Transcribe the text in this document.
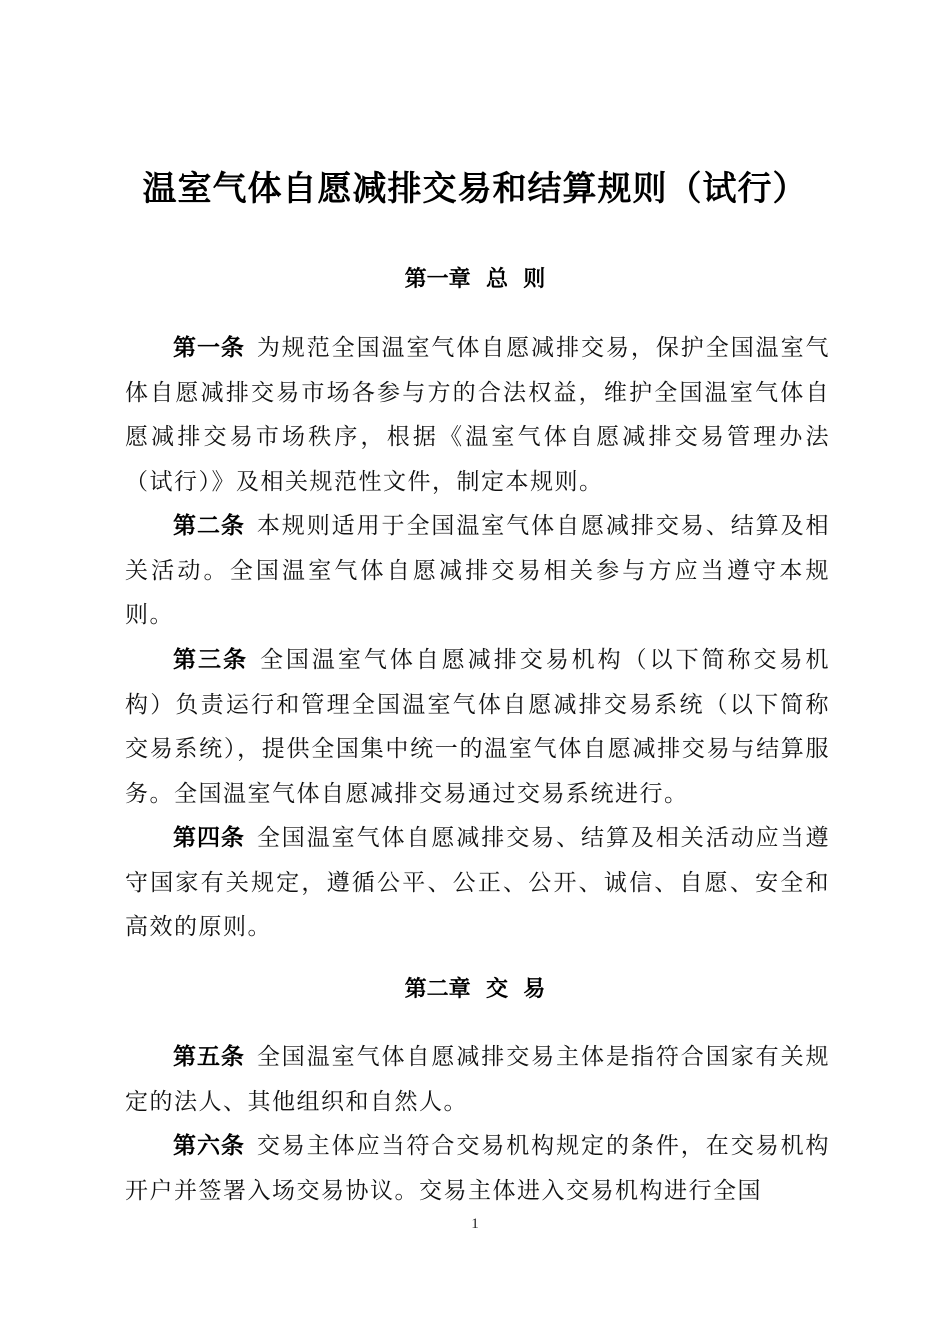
温室气体自愿减排交易和结算规则（试行）
第一章  总  则

第一条 为规范全国温室气体自愿减排交易，保护全国温室气体自愿减排交易市场各参与方的合法权益，维护全国温室气体自愿减排交易市场秩序，根据《温室气体自愿减排交易管理办法（试行）》及相关规范性文件，制定本规则。

第二条 本规则适用于全国温室气体自愿减排交易、结算及相关活动。全国温室气体自愿减排交易相关参与方应当遵守本规则。

第三条 全国温室气体自愿减排交易机构（以下简称交易机构）负责运行和管理全国温室气体自愿减排交易系统（以下简称交易系统），提供全国集中统一的温室气体自愿减排交易与结算服务。全国温室气体自愿减排交易通过交易系统进行。

第四条 全国温室气体自愿减排交易、结算及相关活动应当遵守国家有关规定，遵循公平、公正、公开、诚信、自愿、安全和高效的原则。

第二章  交  易

第五条 全国温室气体自愿减排交易主体是指符合国家有关规定的法人、其他组织和自然人。

第六条 交易主体应当符合交易机构规定的条件，在交易机构开户并签署入场交易协议。交易主体进入交易机构进行全国

1
